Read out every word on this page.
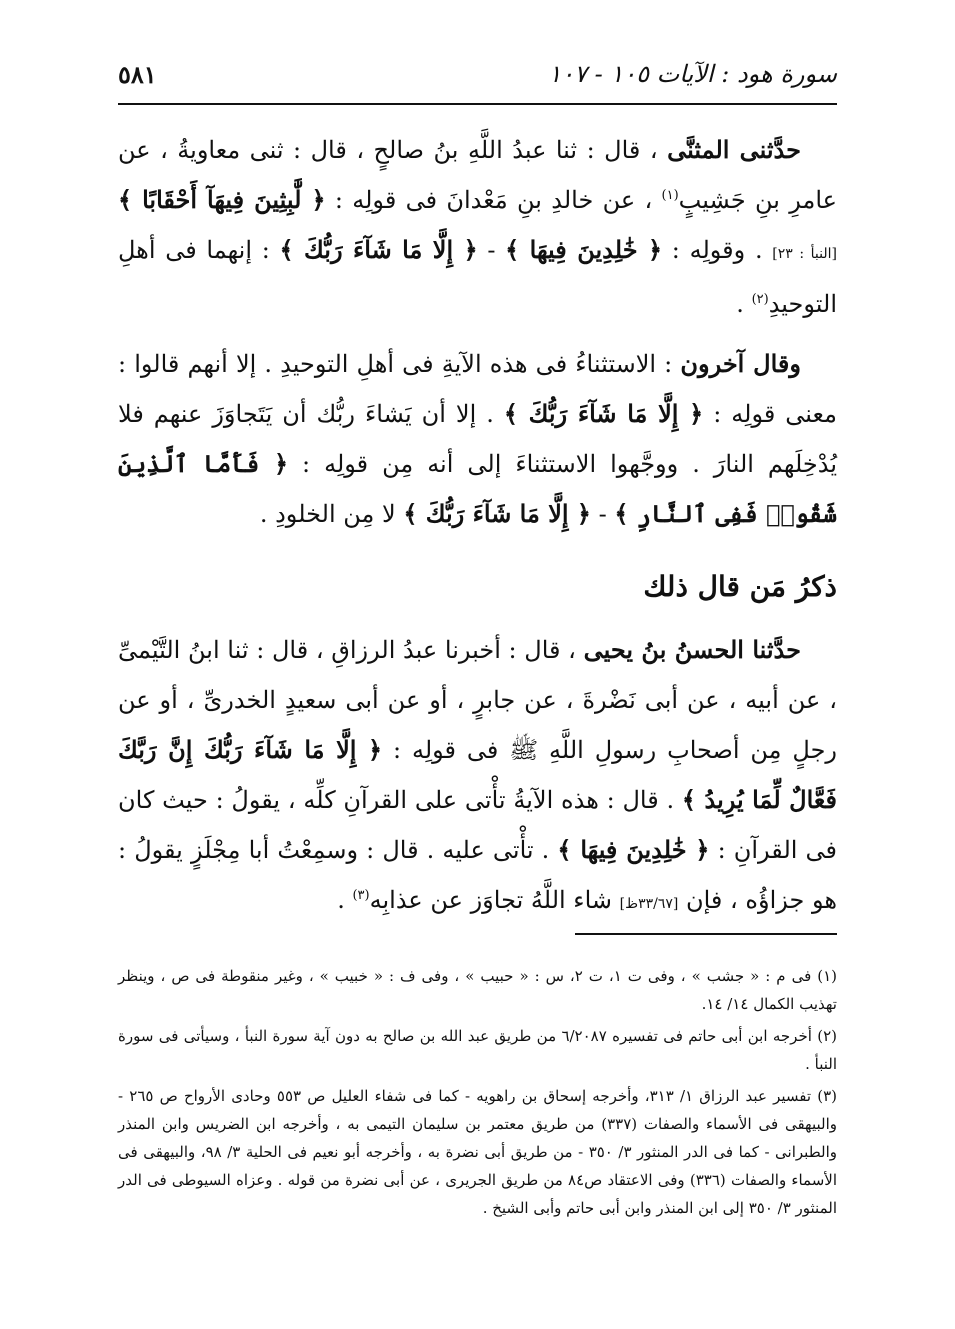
سورة هود : الآيات ١٠٥ - ١٠٧
٥٨١

حدَّثنى المثنَّى ، قال : ثنا عبدُ اللَّهِ بنُ صالحٍ ، قال : ثنى معاويةُ ، عن عامرِ بنِ جَشِيبٍ$^{(١)}$ ، عن خالدِ بنِ مَعْدانَ فى قولِه : ﴿ لَّٰبِثِينَ فِيهَآ أَحْقَابًا ﴾ [النبأ : ٢٣] . وقولِه : ﴿ خَٰلِدِينَ فِيهَا ﴾ - ﴿ إِلَّا مَا شَآءَ رَبُّكَ ﴾ : إنهما فى أهلِ التوحيدِ$^{(٢)}$ .

وقال آخرون : الاستثناءُ فى هذه الآيةِ فى أهلِ التوحيدِ . إلا أنهم قالوا : معنى قولِه : ﴿ إِلَّا مَا شَآءَ رَبُّكَ ﴾ . إلا أن يَشاءَ ربُّك أن يَتَجاوَزَ عنهم فلا يُدْخِلَهم النارَ . ووجَّهوا الاستثناءَ إلى أنه مِن قولِه : ﴿ فَأَمَّا ٱلَّذِينَ شَقُوا۟ فَفِى ٱلنَّارِ ﴾ - ﴿ إِلَّا مَا شَآءَ رَبُّكَ ﴾ لا مِن الخلودِ .

ذكرُ مَن قال ذلك

حدَّثنا الحسنُ بنُ يحيى ، قال : أخبرنا عبدُ الرزاقِ ، قال : ثنا ابنُ التَّيْمىِّ ، عن أبيه ، عن أبى نَضْرةَ ، عن جابرٍ ، أو عن أبى سعيدٍ الخدرىِّ ، أو عن رجلٍ مِن أصحابِ رسولِ اللَّهِ ﷺ فى قولِه : ﴿ إِلَّا مَا شَآءَ رَبُّكَ إِنَّ رَبَّكَ فَعَّالٌ لِّمَا يُرِيدُ ﴾ . قال : هذه الآيةُ تأْتى على القرآنِ كلِّه ، يقولُ : حيث كان فى القرآنِ : ﴿ خَٰلِدِينَ فِيهَا ﴾ . تأْتى عليه . قال : وسمِعْتُ أبا مِجْلَزٍ يقولُ : هو جزاؤُه ، فإن [٣٣/٦٧ظ] شاء اللَّهُ تجاوَز عن عذابِه$^{(٣)}$ .

(١) فى م : « جشب » ، وفى ت ١، ت ٢، س : « حبيب » ، وفى ف : « خبيب » ، وغير منقوطة فى ص ، وينظر تهذيب الكمال ١٤/ ١٤.

(٢) أخرجه ابن أبى حاتم فى تفسيره ٦/٢٠٨٧ من طريق عبد الله بن صالح به دون آية سورة النبأ ، وسيأتى فى سورة النبأ .

(٣) تفسير عبد الرزاق ١/ ٣١٣، وأخرجه إسحاق بن راهويه - كما فى شفاء العليل ص ٥٥٣ وحادى الأرواح ص ٢٦٥ - والبيهقى فى الأسماء والصفات (٣٣٧) من طريق معتمر بن سليمان التيمى به ، وأخرجه ابن الضريس وابن المنذر والطبرانى - كما فى الدر المنثور ٣/ ٣٥٠ - من طريق أبى نضرة به ، وأخرجه أبو نعيم فى الحلية ٣/ ٩٨، والبيهقى فى الأسماء والصفات (٣٣٦) وفى الاعتقاد ص٨٤ من طريق الجريرى ، عن أبى نضرة من قوله . وعزاه السيوطى فى الدر المنثور ٣/ ٣٥٠ إلى ابن المنذر وابن أبى حاتم وأبى الشيخ .
